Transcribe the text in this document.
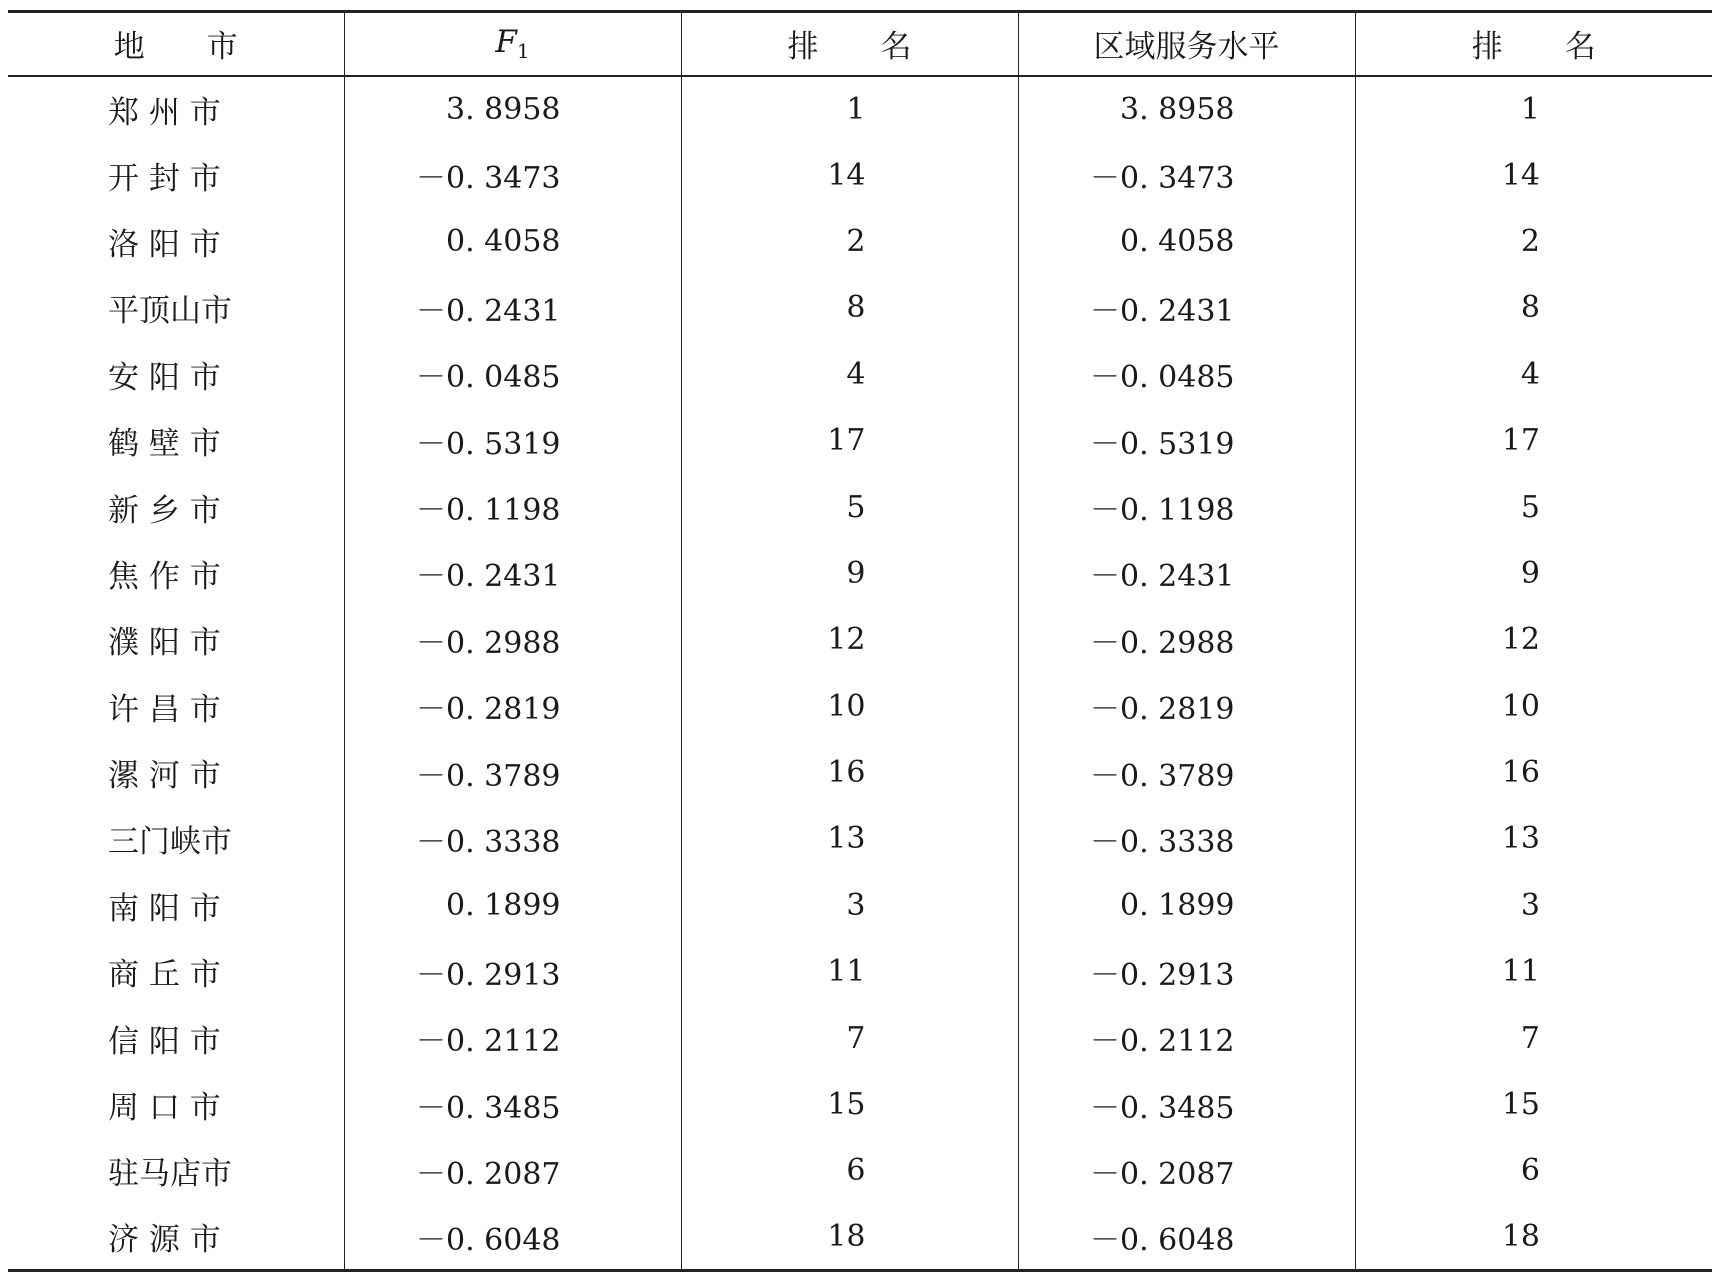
地　　市	F1	排　　名	区域服务水平	排　　名
郑 州 市	3. 8958	1	3. 8958	1
开 封 市	－0. 3473	14	－0. 3473	14
洛 阳 市	0. 4058	2	0. 4058	2
平顶山市	－0. 2431	8	－0. 2431	8
安 阳 市	－0. 0485	4	－0. 0485	4
鹤 壁 市	－0. 5319	17	－0. 5319	17
新 乡 市	－0. 1198	5	－0. 1198	5
焦 作 市	－0. 2431	9	－0. 2431	9
濮 阳 市	－0. 2988	12	－0. 2988	12
许 昌 市	－0. 2819	10	－0. 2819	10
漯 河 市	－0. 3789	16	－0. 3789	16
三门峡市	－0. 3338	13	－0. 3338	13
南 阳 市	0. 1899	3	0. 1899	3
商 丘 市	－0. 2913	11	－0. 2913	11
信 阳 市	－0. 2112	7	－0. 2112	7
周 口 市	－0. 3485	15	－0. 3485	15
驻马店市	－0. 2087	6	－0. 2087	6
济 源 市	－0. 6048	18	－0. 6048	18
